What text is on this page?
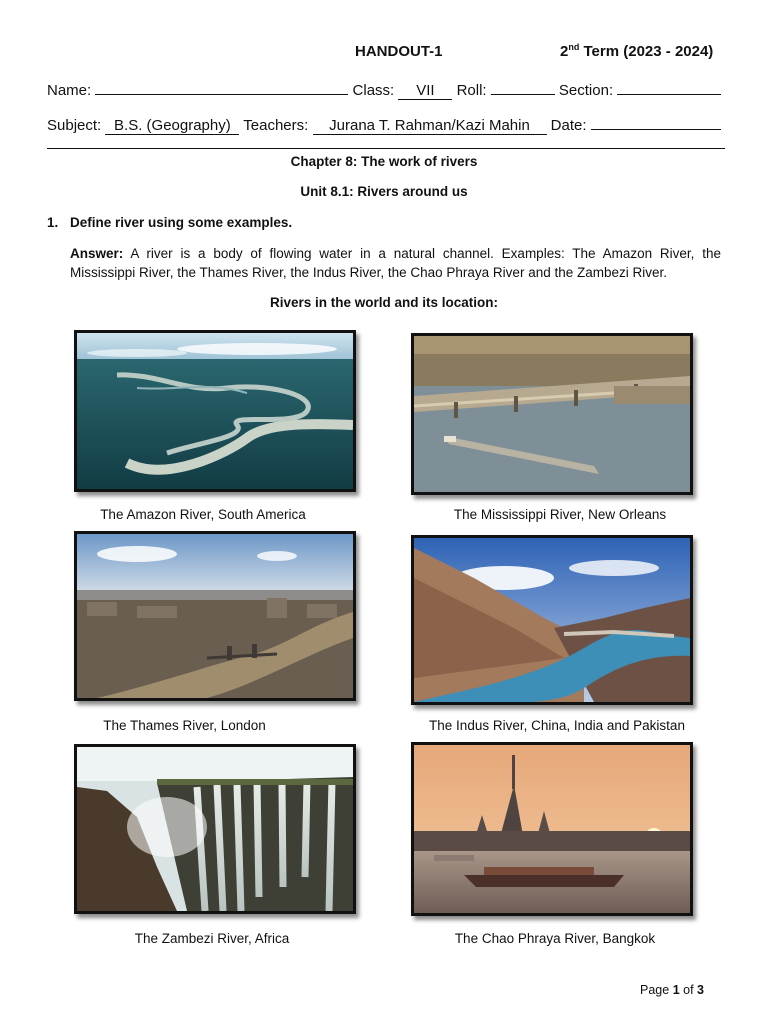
HANDOUT-1	2nd Term (2023 - 2024)
Name:	Class: VII Roll:	Section:
Subject: B.S. (Geography) Teachers: Jurana T. Rahman/Kazi Mahin Date:
Chapter 8: The work of rivers
Unit 8.1: Rivers around us
1. Define river using some examples.
Answer: A river is a body of flowing water in a natural channel. Examples: The Amazon River, the Mississippi River, the Thames River, the Indus River, the Chao Phraya River and the Zambezi River.
Rivers in the world and its location:
The Amazon River, South America	The Mississippi River, New Orleans
The Thames River, London	The Indus River, China, India and Pakistan
The Zambezi River, Africa	The Chao Phraya River, Bangkok
Page 1 of 3
